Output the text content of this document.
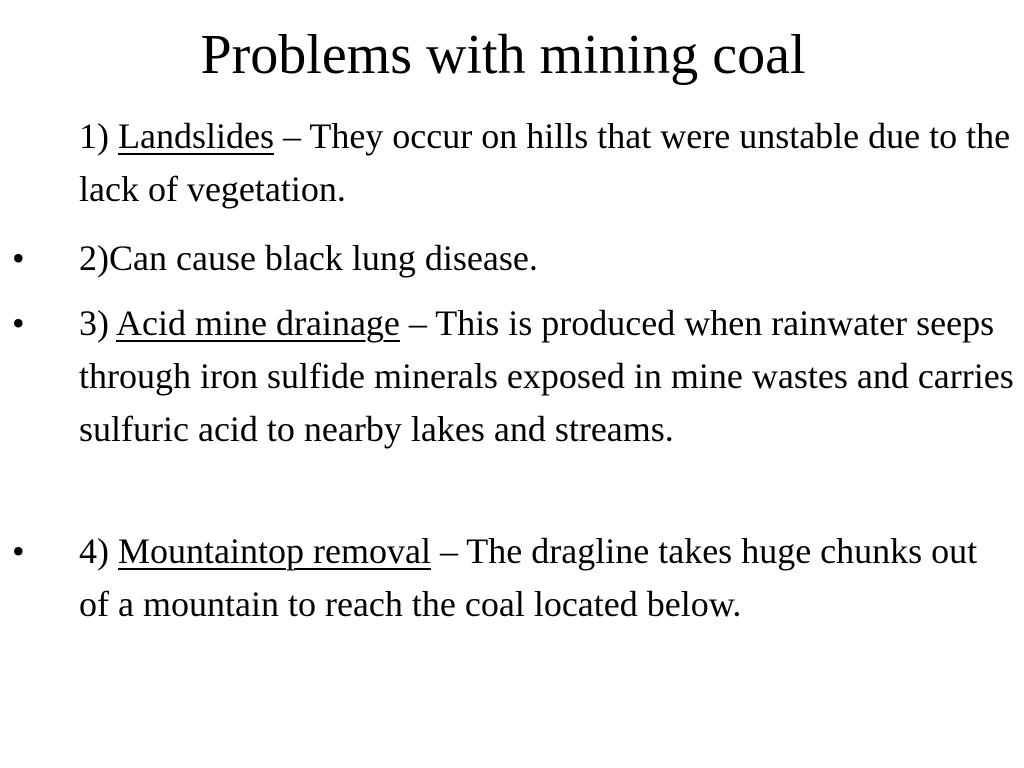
Problems with mining coal
1) Landslides – They occur on hills that were unstable due to the lack of vegetation.
• 2)Can cause black lung disease.
• 3) Acid mine drainage – This is produced when rainwater seeps through iron sulfide minerals exposed in mine wastes and carries sulfuric acid to nearby lakes and streams.
• 4) Mountaintop removal – The dragline takes huge chunks out of a mountain to reach the coal located below.
